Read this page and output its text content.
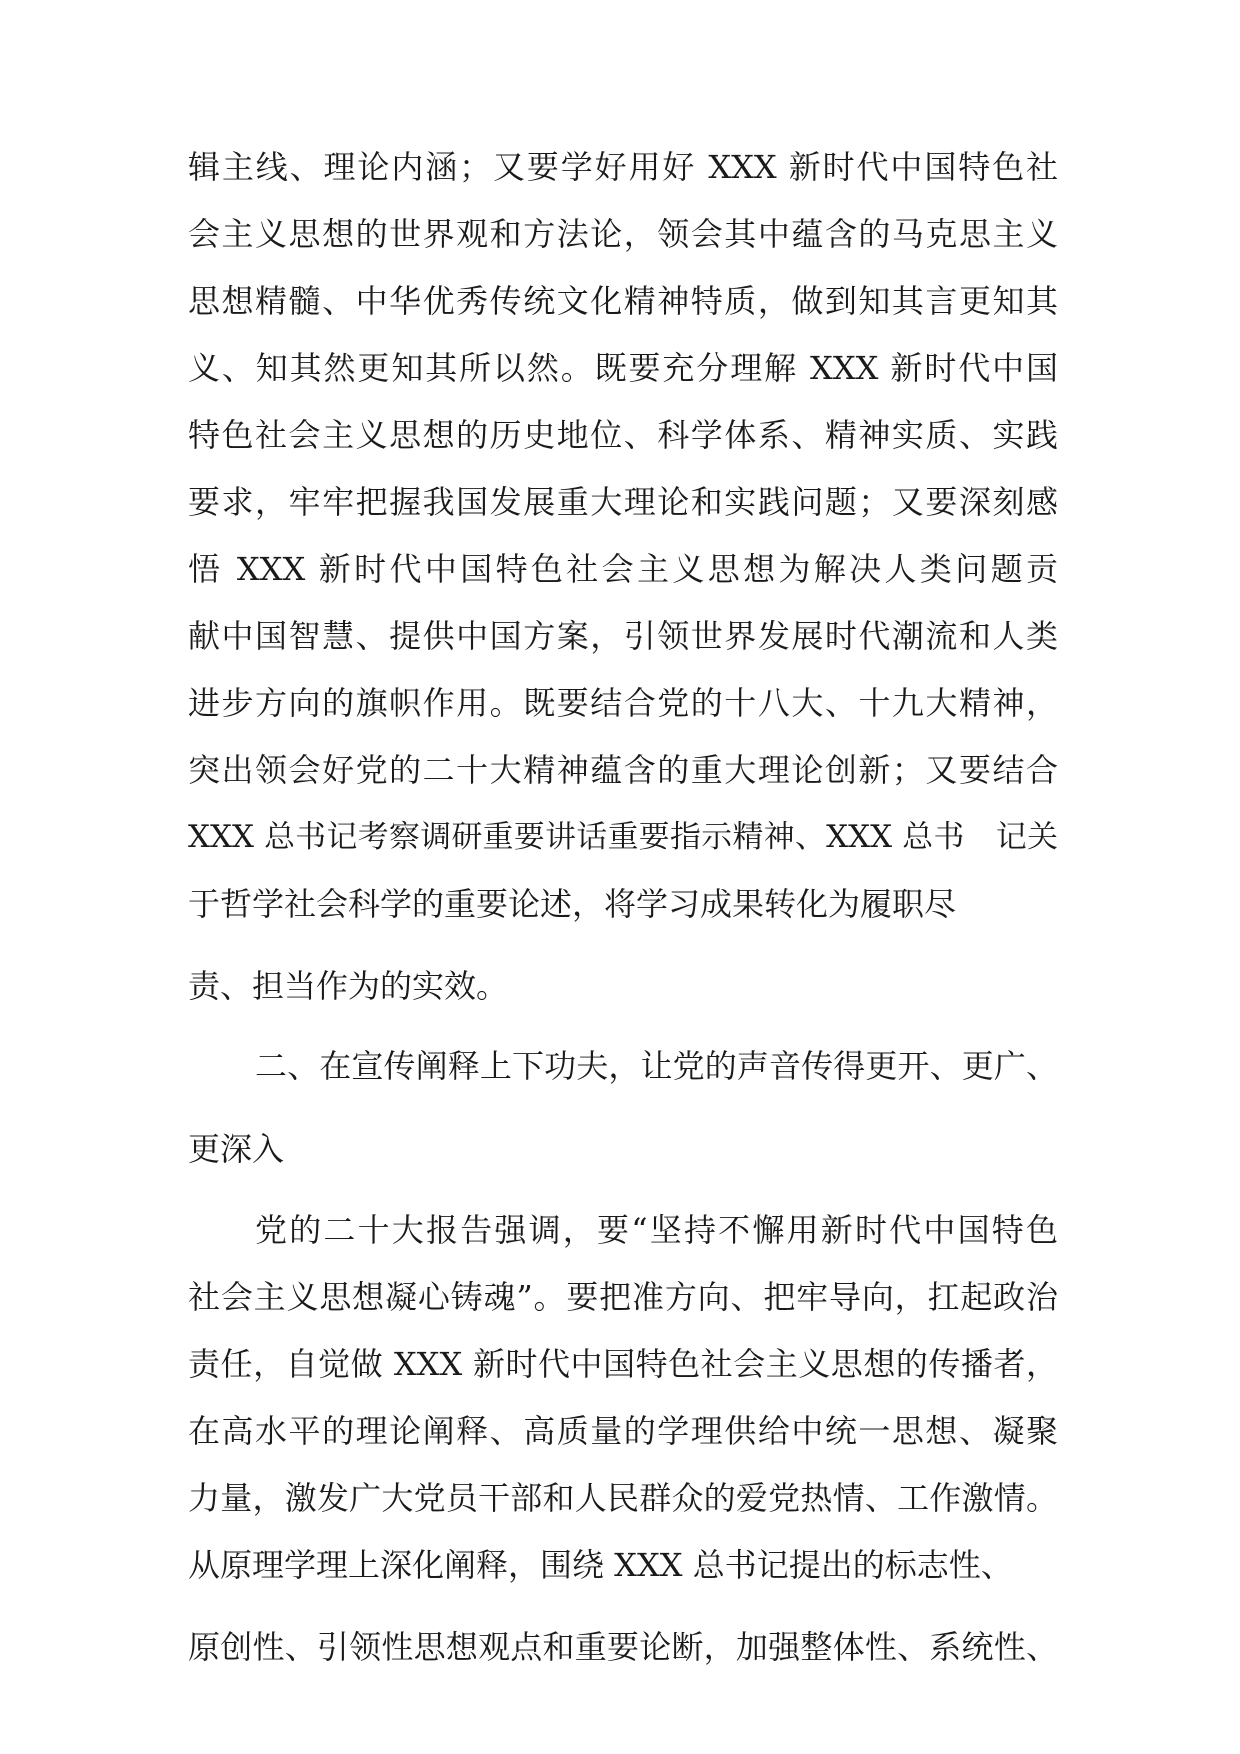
辑主线、理论内涵；又要学好用好 XXX 新时代中国特色社
会主义思想的世界观和方法论，领会其中蕴含的马克思主义
思想精髓、中华优秀传统文化精神特质，做到知其言更知其
义、知其然更知其所以然。既要充分理解 XXX 新时代中国
特色社会主义思想的历史地位、科学体系、精神实质、实践
要求，牢牢把握我国发展重大理论和实践问题；又要深刻感
悟 XXX 新时代中国特色社会主义思想为解决人类问题贡
献中国智慧、提供中国方案，引领世界发展时代潮流和人类
进步方向的旗帜作用。既要结合党的十八大、十九大精神，
突出领会好党的二十大精神蕴含的重大理论创新；又要结合
XXX 总书记考察调研重要讲话重要指示精神、XXX 总书　记关
于哲学社会科学的重要论述，将学习成果转化为履职尽
责、担当作为的实效。
二、在宣传阐释上下功夫，让党的声音传得更开、更广、
更深入
党的二十大报告强调，要“坚持不懈用新时代中国特色
社会主义思想凝心铸魂”。要把准方向、把牢导向，扛起政治
责任，自觉做 XXX 新时代中国特色社会主义思想的传播者，
在高水平的理论阐释、高质量的学理供给中统一思想、凝聚
力量，激发广大党员干部和人民群众的爱党热情、工作激情。
从原理学理上深化阐释，围绕 XXX 总书记提出的标志性、
原创性、引领性思想观点和重要论断，加强整体性、系统性、
